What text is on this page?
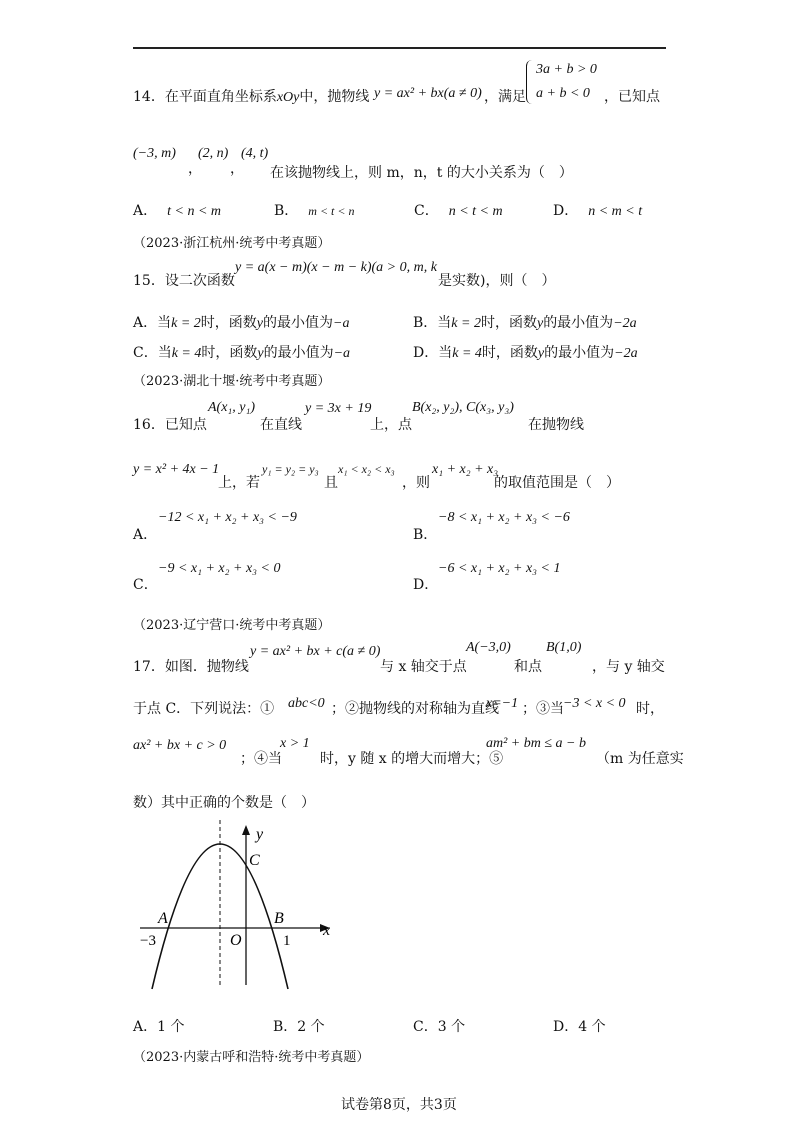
14．在平面直角坐标系xOy中，抛物线 y = ax² + bx(a ≠ 0) ，满足
3a + b > 0
a + b < 0 ，已知点
(−3, m)
，
(2, n)
，
(4, t)
在该抛物线上，则 m，n，t 的大小关系为（　）
A． t < n < m	B． m < t < n	C． n < t < m	D． n < m < t
（2023·浙江杭州·统考中考真题）
15．设二次函数
y = a(x − m)(x − m − k)(a > 0, m, k
是实数)，则（　）
A．当k = 2时，函数y的最小值为−a	B．当k = 2时，函数y的最小值为−2a
C．当k = 4时，函数y的最小值为−a	D．当k = 4时，函数y的最小值为−2a
（2023·湖北十堰·统考中考真题）
16．已知点
A(x₁, y₁)
在直线
y = 3x + 19
上，点
B(x₂, y₂), C(x₃, y₃)
在抛物线
y = x² + 4x − 1
上，若
y₁ = y₂ = y₃
且
x₁ < x₂ < x₃
，则
x₁ + x₂ + x₃
的取值范围是（　）
A．
−12 < x₁ + x₂ + x₃ < −9
B．
−8 < x₁ + x₂ + x₃ < −6
C．
−9 < x₁ + x₂ + x₃ < 0
D．
−6 < x₁ + x₂ + x₃ < 1
（2023·辽宁营口·统考中考真题）
17．如图．抛物线
y = ax² + bx + c(a ≠ 0)
与 x 轴交于点
A(−3,0)
和点
B(1,0)
，与 y 轴交
于点 C．下列说法：① abc<0 ；②抛物线的对称轴为直线
x=−1 ；③当 −3 < x < 0 时，
ax² + bx + c > 0
；④当
x > 1
时，y 随 x 的增大而增大；⑤
am² + bm ≤ a − b
（m 为任意实
数）其中正确的个数是（　）
y
x
C
A	B
O
−3	1
A．1 个	B．2 个	C．3 个	D．4 个
（2023·内蒙古呼和浩特·统考中考真题）
试卷第8页，共3页
